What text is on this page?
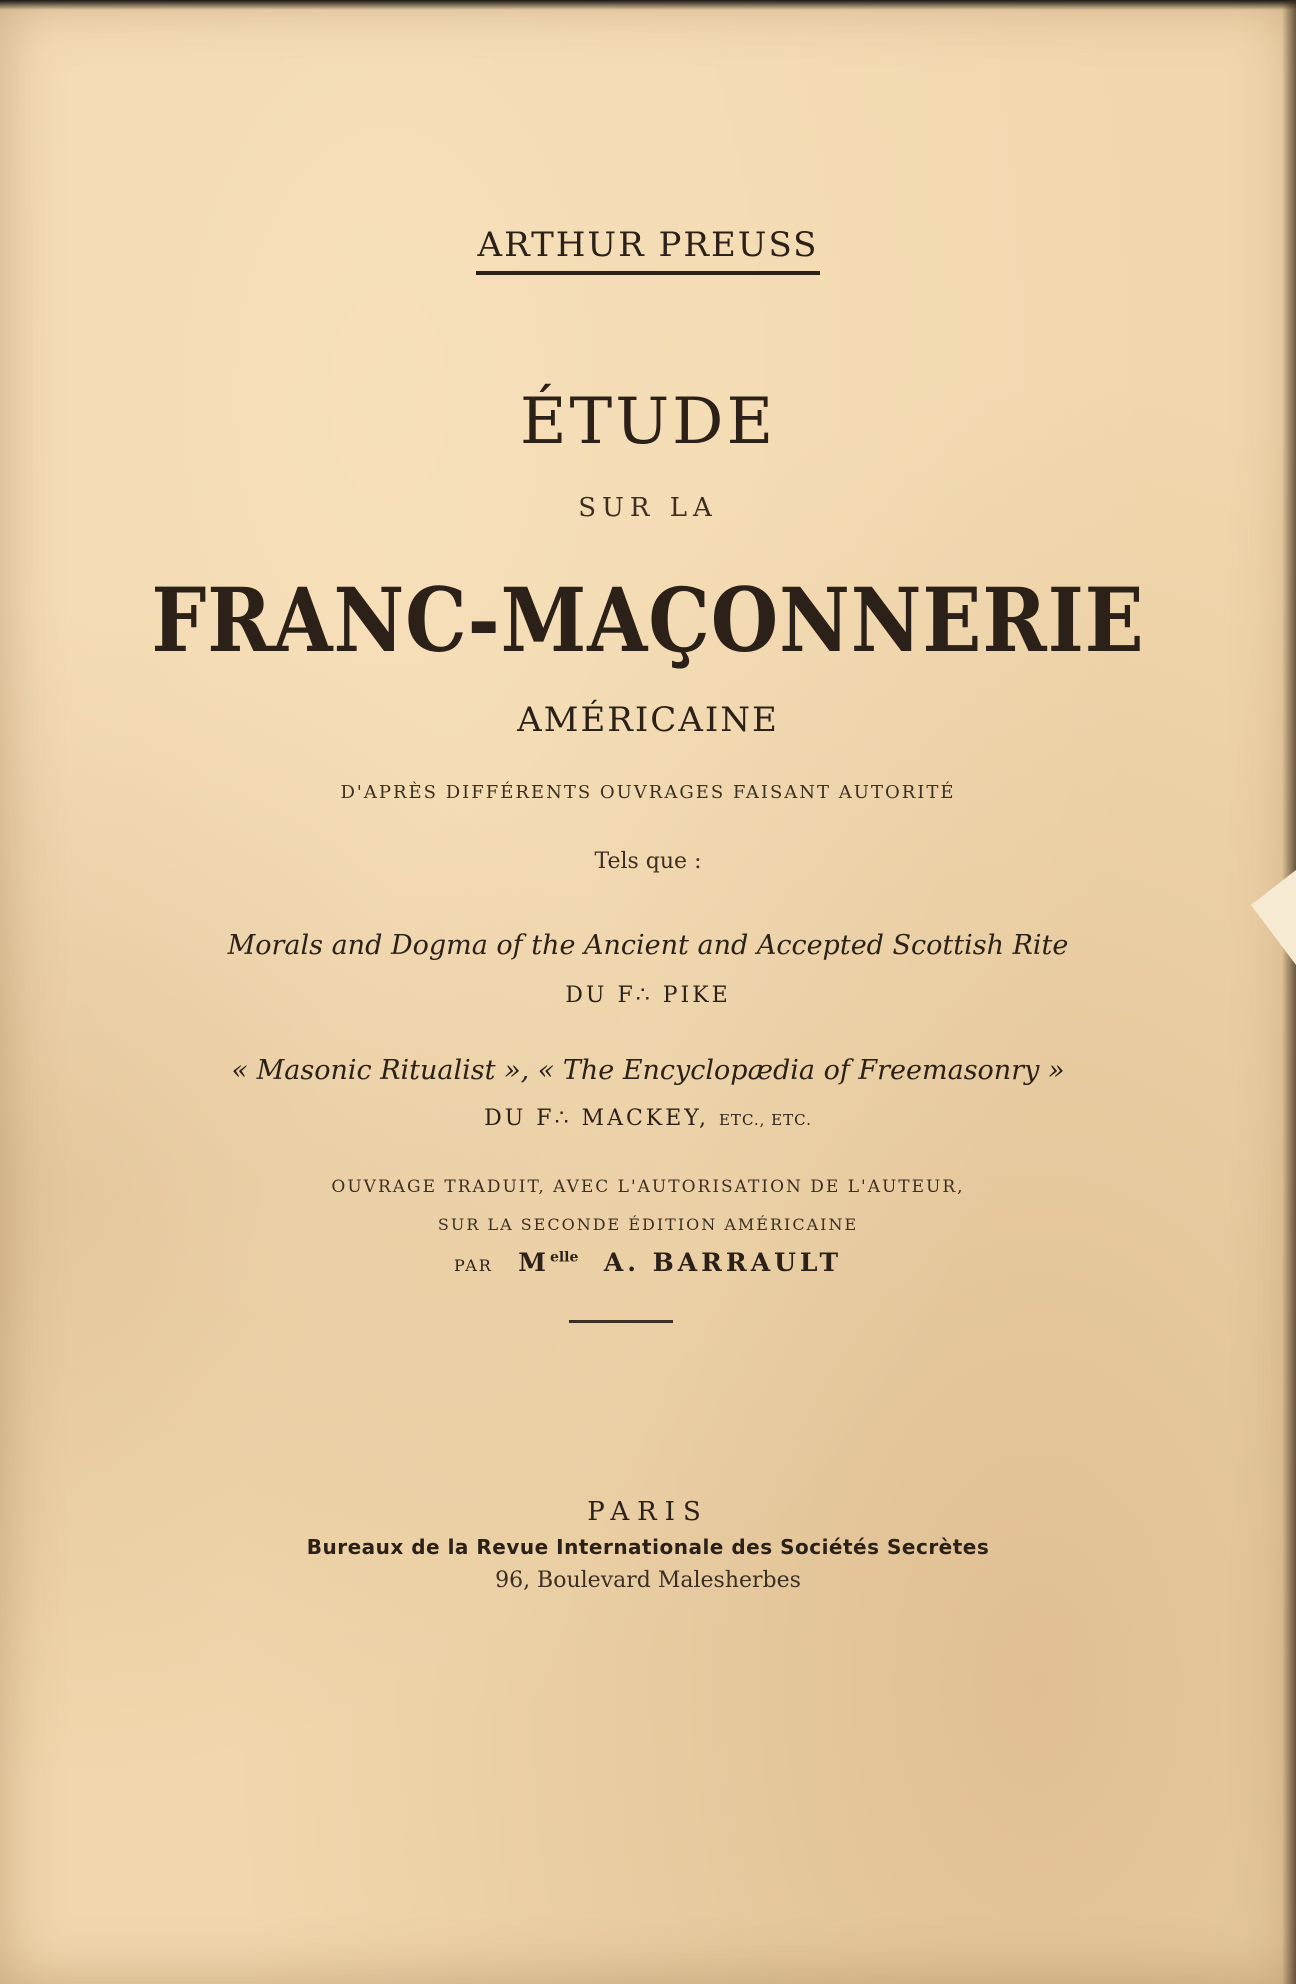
ARTHUR PREUSS
ÉTUDE
SUR LA
FRANC-MAÇONNERIE
AMÉRICAINE
D'APRÈS DIFFÉRENTS OUVRAGES FAISANT AUTORITÉ
Tels que :
Morals and Dogma of the Ancient and Accepted Scottish Rite
DU F∴ PIKE
« Masonic Ritualist », « The Encyclopædia of Freemasonry »
DU F∴ MACKEY, ETC., ETC.
OUVRAGE TRADUIT, AVEC L'AUTORISATION DE L'AUTEUR,
SUR LA SECONDE ÉDITION AMÉRICAINE
PAR $M^{elle}$ A. BARRAULT
PARIS
Bureaux de la Revue Internationale des Sociétés Secrètes
96, Boulevard Malesherbes
